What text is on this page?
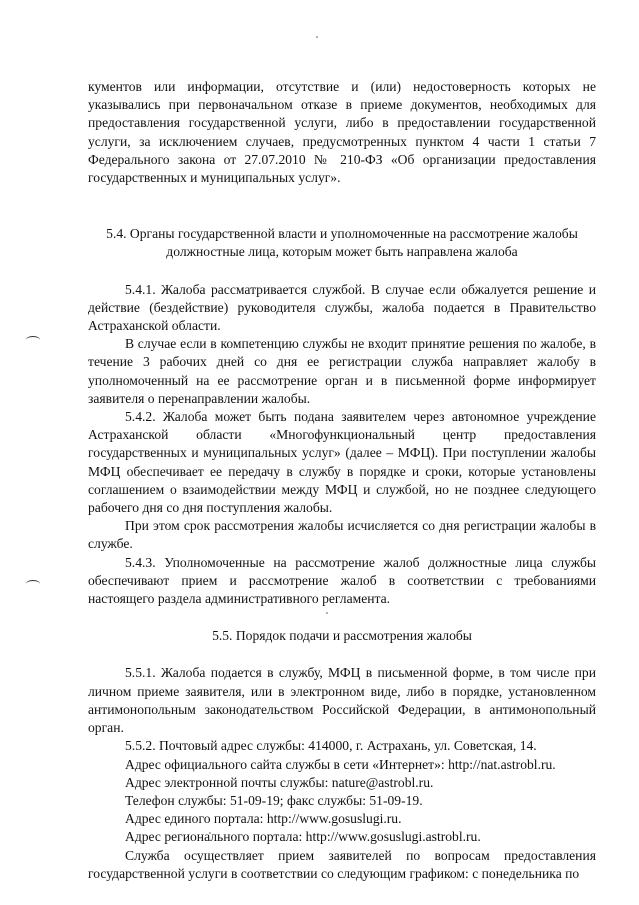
кументов или информации, отсутствие и (или) недостоверность которых не указывались при первоначальном отказе в приеме документов, необходимых для предоставления государственной услуги, либо в предоставлении государственной услуги, за исключением случаев, предусмотренных пунктом 4 части 1 статьи 7 Федерального закона от 27.07.2010 № 210-ФЗ «Об организации предоставления государственных и муниципальных услуг».

5.4. Органы государственной власти и уполномоченные на рассмотрение жалобы должностные лица, которым может быть направлена жалоба

5.4.1. Жалоба рассматривается службой. В случае если обжалуется решение и действие (бездействие) руководителя службы, жалоба подается в Правительство Астраханской области.

В случае если в компетенцию службы не входит принятие решения по жалобе, в течение 3 рабочих дней со дня ее регистрации служба направляет жалобу в уполномоченный на ее рассмотрение орган и в письменной форме информирует заявителя о перенаправлении жалобы.

5.4.2. Жалоба может быть подана заявителем через автономное учреждение Астраханской области «Многофункциональный центр предоставления государственных и муниципальных услуг» (далее – МФЦ). При поступлении жалобы МФЦ обеспечивает ее передачу в службу в порядке и сроки, которые установлены соглашением о взаимодействии между МФЦ и службой, но не позднее следующего рабочего дня со дня поступления жалобы.

При этом срок рассмотрения жалобы исчисляется со дня регистрации жалобы в службе.

5.4.3. Уполномоченные на рассмотрение жалоб должностные лица службы обеспечивают прием и рассмотрение жалоб в соответствии с требованиями настоящего раздела административного регламента.

5.5. Порядок подачи и рассмотрения жалобы

5.5.1. Жалоба подается в службу, МФЦ в письменной форме, в том числе при личном приеме заявителя, или в электронном виде, либо в порядке, установленном антимонопольным законодательством Российской Федерации, в антимонопольный орган.

5.5.2. Почтовый адрес службы: 414000, г. Астрахань, ул. Советская, 14.

Адрес официального сайта службы в сети «Интернет»: http://nat.astrobl.ru.

Адрес электронной почты службы: nature@astrobl.ru.

Телефон службы: 51-09-19; факс службы: 51-09-19.

Адрес единого портала: http://www.gosuslugi.ru.

Адрес регионального портала: http://www.gosuslugi.astrobl.ru.

Служба осуществляет прием заявителей по вопросам предоставления государственной услуги в соответствии со следующим графиком: с понедельника по
